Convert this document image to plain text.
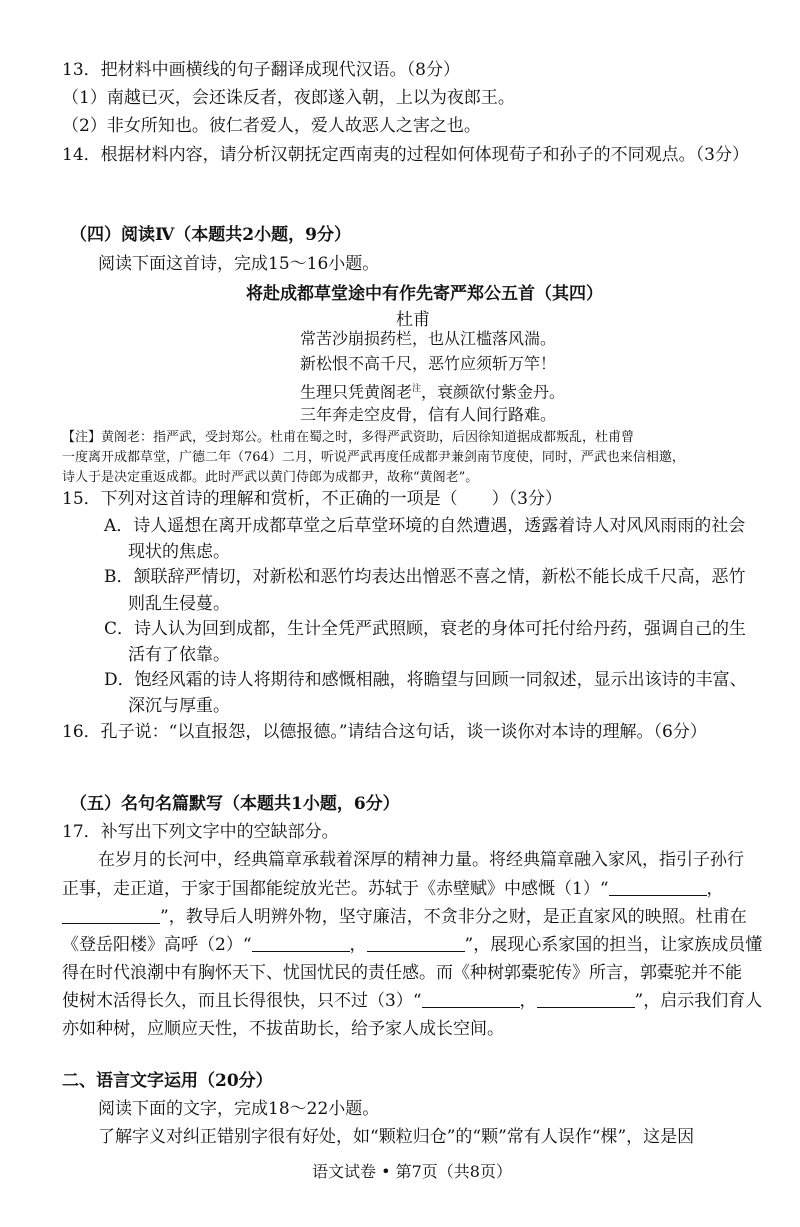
13．把材料中画横线的句子翻译成现代汉语。（8分）
（1）南越已灭，会还诛反者，夜郎遂入朝，上以为夜郎王。
（2）非女所知也。彼仁者爱人，爱人故恶人之害之也。
14．根据材料内容，请分析汉朝抚定西南夷的过程如何体现荀子和孙子的不同观点。（3分）
（四）阅读Ⅳ（本题共2小题，9分）
阅读下面这首诗，完成15～16小题。
将赴成都草堂途中有作先寄严郑公五首（其四）
杜甫
常苦沙崩损药栏，也从江槛落风湍。
新松恨不高千尺，恶竹应须斩万竿！
生理只凭黄阁老$^注$，衰颜欲付紫金丹。
三年奔走空皮骨，信有人间行路难。
【注】黄阁老：指严武，受封郑公。杜甫在蜀之时，多得严武资助，后因徐知道据成都叛乱，杜甫曾
一度离开成都草堂，广德二年（764）二月，听说严武再度任成都尹兼剑南节度使，同时，严武也来信相邀，
诗人于是决定重返成都。此时严武以黄门侍郎为成都尹，故称“黄阁老”。
15．下列对这首诗的理解和赏析，不正确的一项是（　　）（3分）
A．诗人遥想在离开成都草堂之后草堂环境的自然遭遇，透露着诗人对风风雨雨的社会
现状的焦虑。
B．颔联辞严情切，对新松和恶竹均表达出憎恶不喜之情，新松不能长成千尺高，恶竹
则乱生侵蔓。
C．诗人认为回到成都，生计全凭严武照顾，衰老的身体可托付给丹药，强调自己的生
活有了依靠。
D．饱经风霜的诗人将期待和感慨相融，将瞻望与回顾一同叙述，显示出该诗的丰富、
深沉与厚重。
16．孔子说：“以直报怨，以德报德。”请结合这句话，谈一谈你对本诗的理解。（6分）
（五）名句名篇默写（本题共1小题，6分）
17．补写出下列文字中的空缺部分。
在岁月的长河中，经典篇章承载着深厚的精神力量。将经典篇章融入家风，指引子孙行
正事，走正道，于家于国都能绽放光芒。苏轼于《赤壁赋》中感慨（1）“	，
”，教导后人明辨外物，坚守廉洁，不贪非分之财，是正直家风的映照。杜甫在
《登岳阳楼》高呼（2）“	，	”，展现心系家国的担当，让家族成员懂
得在时代浪潮中有胸怀天下、忧国忧民的责任感。而《种树郭橐驼传》所言，郭橐驼并不能
使树木活得长久，而且长得很快，只不过（3）“	，	”，启示我们育人
亦如种树，应顺应天性，不拔苗助长，给予家人成长空间。
二、语言文字运用（20分）
阅读下面的文字，完成18～22小题。
了解字义对纠正错别字很有好处，如“颗粒归仓”的“颗”常有人误作“棵”，这是因
语文试卷 • 第7页（共8页）
